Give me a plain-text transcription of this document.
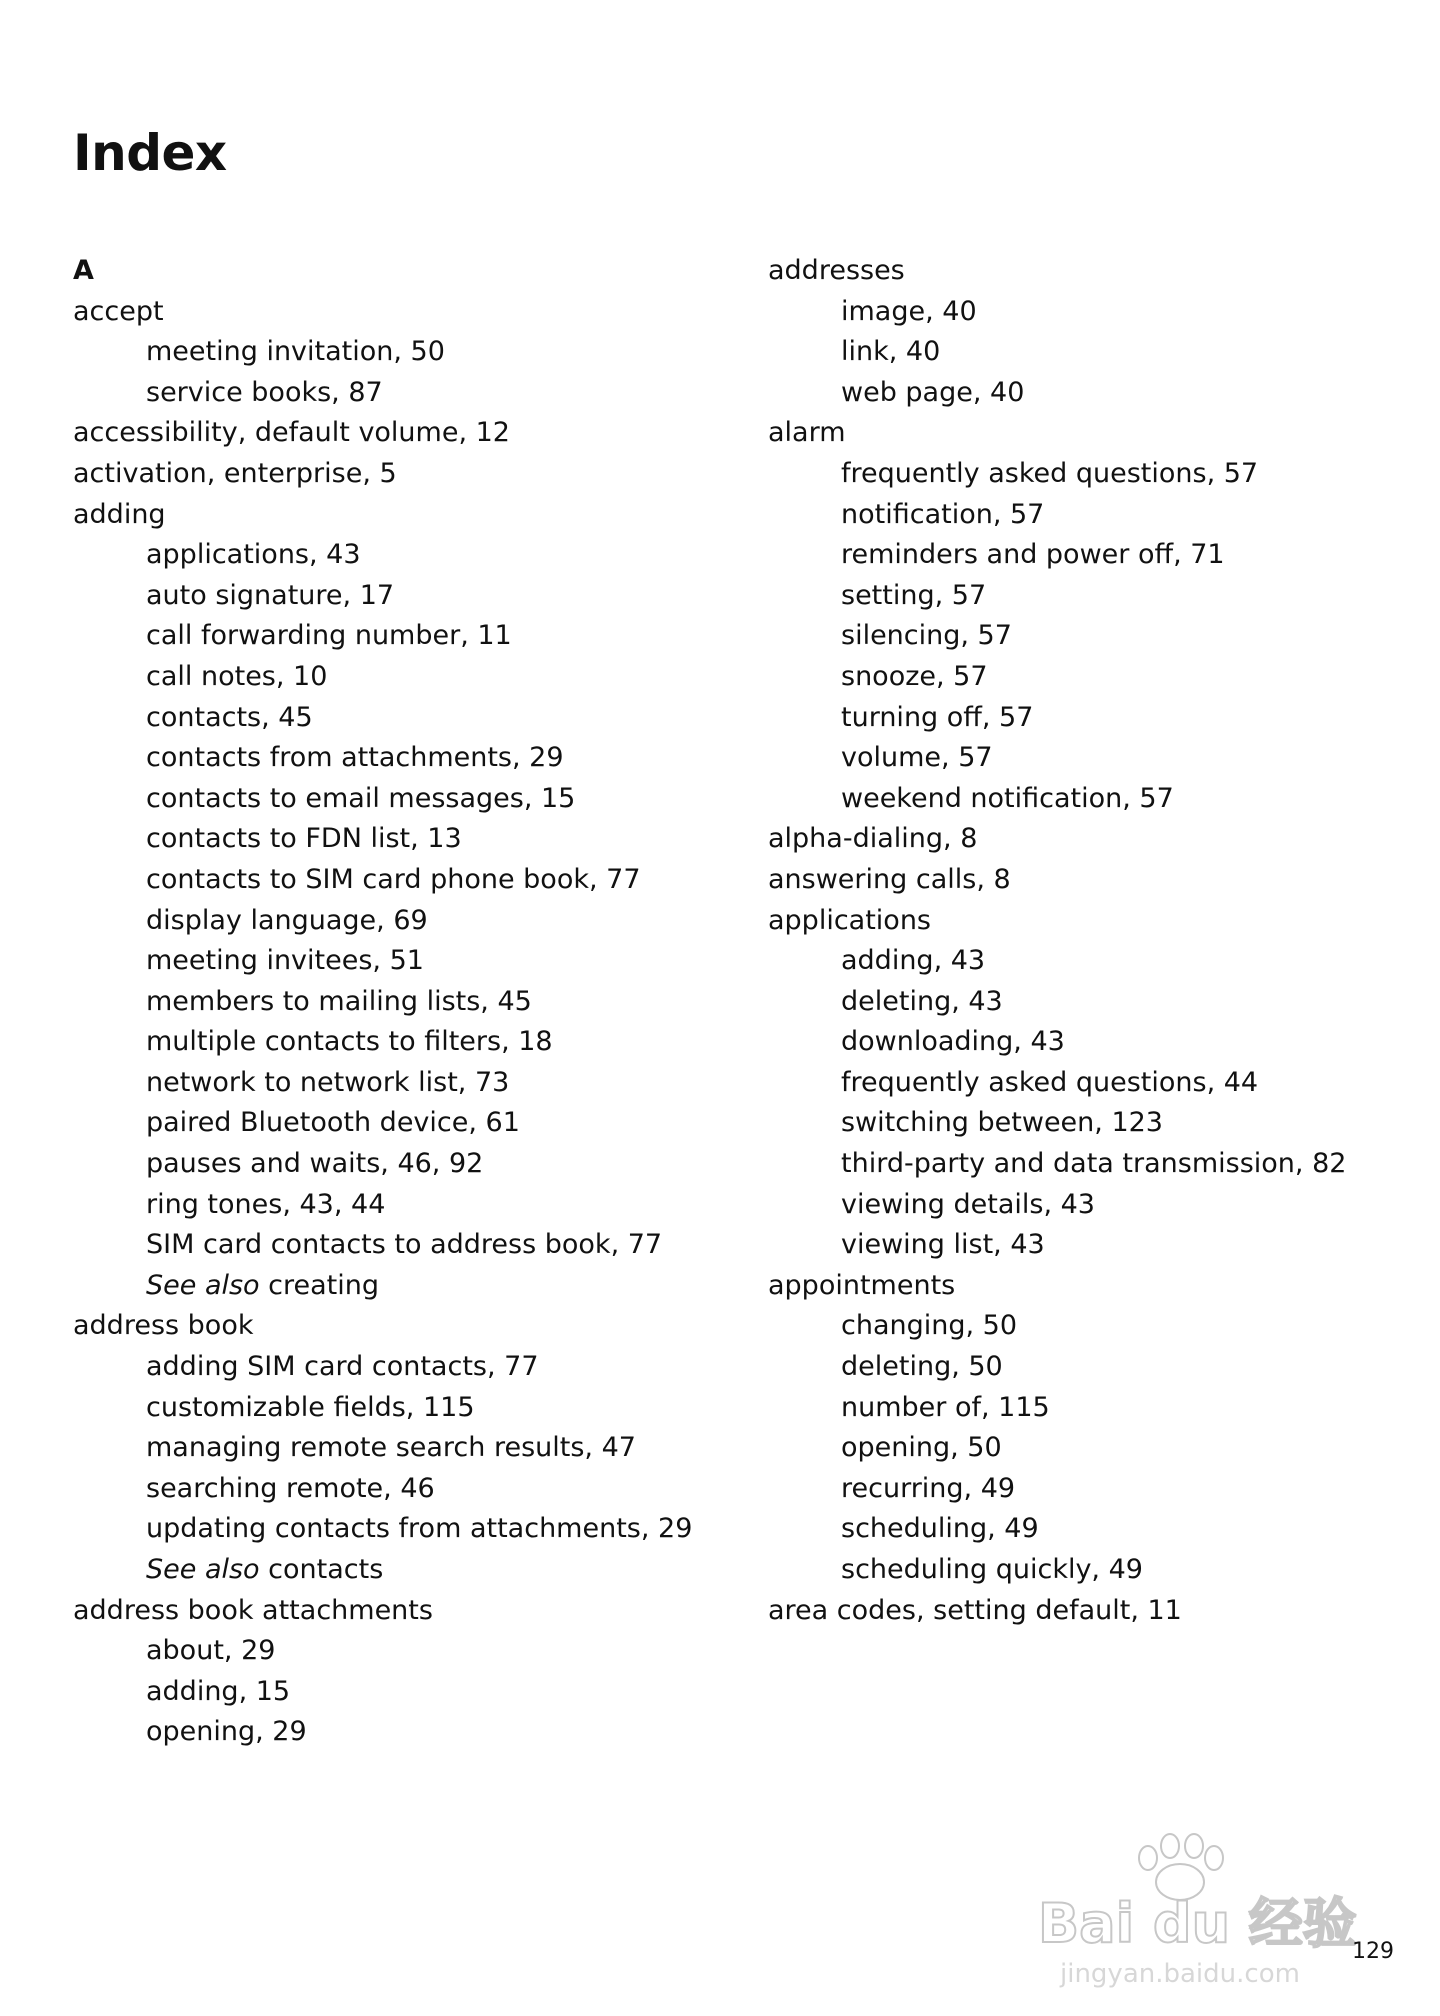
Index
A
accept
meeting invitation, 50
service books, 87
accessibility, default volume, 12
activation, enterprise, 5
adding
applications, 43
auto signature, 17
call forwarding number, 11
call notes, 10
contacts, 45
contacts from attachments, 29
contacts to email messages, 15
contacts to FDN list, 13
contacts to SIM card phone book, 77
display language, 69
meeting invitees, 51
members to mailing lists, 45
multiple contacts to filters, 18
network to network list, 73
paired Bluetooth device, 61
pauses and waits, 46, 92
ring tones, 43, 44
SIM card contacts to address book, 77
See also creating
address book
adding SIM card contacts, 77
customizable fields, 115
managing remote search results, 47
searching remote, 46
updating contacts from attachments, 29
See also contacts
address book attachments
about, 29
adding, 15
opening, 29
addresses
image, 40
link, 40
web page, 40
alarm
frequently asked questions, 57
notification, 57
reminders and power off, 71
setting, 57
silencing, 57
snooze, 57
turning off, 57
volume, 57
weekend notification, 57
alpha-dialing, 8
answering calls, 8
applications
adding, 43
deleting, 43
downloading, 43
frequently asked questions, 44
switching between, 123
third-party and data transmission, 82
viewing details, 43
viewing list, 43
appointments
changing, 50
deleting, 50
number of, 115
opening, 50
recurring, 49
scheduling, 49
scheduling quickly, 49
area codes, setting default, 11
Bai du 经验
jingyan.baidu.com
129
